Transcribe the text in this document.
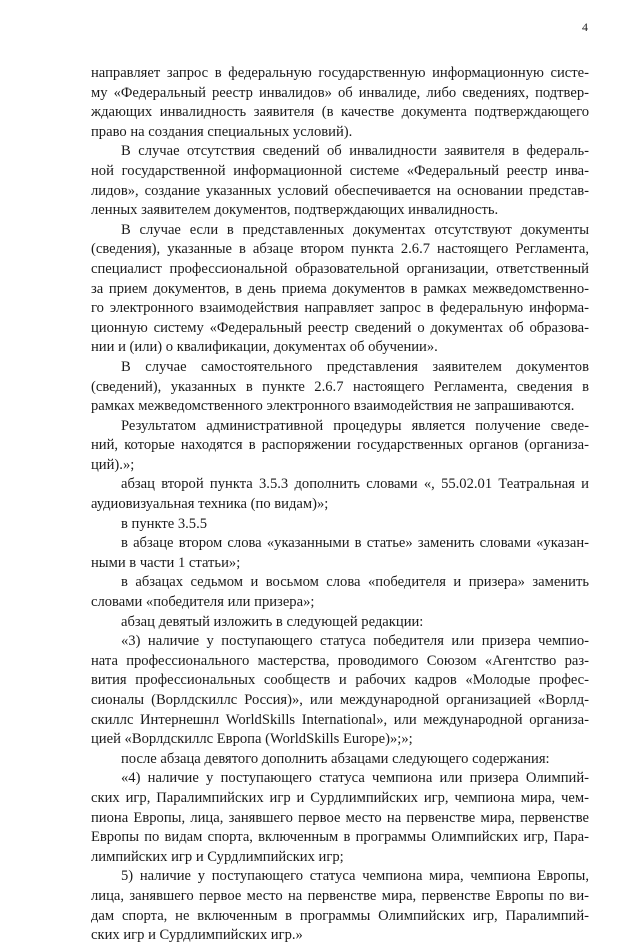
4

направляет запрос в федеральную государственную информационную систе-
му «Федеральный реестр инвалидов» об инвалиде, либо сведениях, подтвер-
ждающих инвалидность заявителя (в качестве документа подтверждающего
право на создания специальных условий).

В случае отсутствия сведений об инвалидности заявителя в федераль-
ной государственной информационной системе «Федеральный реестр инва-
лидов», создание указанных условий обеспечивается на основании представ-
ленных заявителем документов, подтверждающих инвалидность.

В случае если в представленных документах отсутствуют документы
(сведения), указанные в абзаце втором пункта 2.6.7 настоящего Регламента,
специалист профессиональной образовательной организации, ответственный
за прием документов, в день приема документов в рамках межведомственно-
го электронного взаимодействия направляет запрос в федеральную информа-
ционную систему «Федеральный реестр сведений о документах об образова-
нии и (или) о квалификации, документах об обучении».

В случае самостоятельного представления заявителем документов
(сведений), указанных в пункте 2.6.7 настоящего Регламента, сведения в
рамках межведомственного электронного взаимодействия не запрашиваются.

Результатом административной процедуры является получение сведе-
ний, которые находятся в распоряжении государственных органов (организа-
ций).»;

абзац второй пункта 3.5.3 дополнить словами «, 55.02.01 Театральная и
аудиовизуальная техника (по видам)»;

в пункте 3.5.5

в абзаце втором слова «указанными в статье» заменить словами «указан-
ными в части 1 статьи»;

в абзацах седьмом и восьмом слова «победителя и призера» заменить
словами «победителя или призера»;

абзац девятый изложить в следующей редакции:

«3) наличие у поступающего статуса победителя или призера чемпио-
ната профессионального мастерства, проводимого Союзом «Агентство раз-
вития профессиональных сообществ и рабочих кадров «Молодые профес-
сионалы (Ворлдскиллс Россия)», или международной организацией «Ворлд-
скиллс Интернешнл WorldSkills International», или международной организа-
цией «Ворлдскиллс Европа (WorldSkills Europe)»;»;

после абзаца девятого дополнить абзацами следующего содержания:

«4) наличие у поступающего статуса чемпиона или призера Олимпий-
ских игр, Паралимпийских игр и Сурдлимпийских игр, чемпиона мира, чем-
пиона Европы, лица, занявшего первое место на первенстве мира, первенстве
Европы по видам спорта, включенным в программы Олимпийских игр, Пара-
лимпийских игр и Сурдлимпийских игр;

5) наличие у поступающего статуса чемпиона мира, чемпиона Европы,
лица, занявшего первое место на первенстве мира, первенстве Европы по ви-
дам спорта, не включенным в программы Олимпийских игр, Паралимпий-
ских игр и Сурдлимпийских игр.»
